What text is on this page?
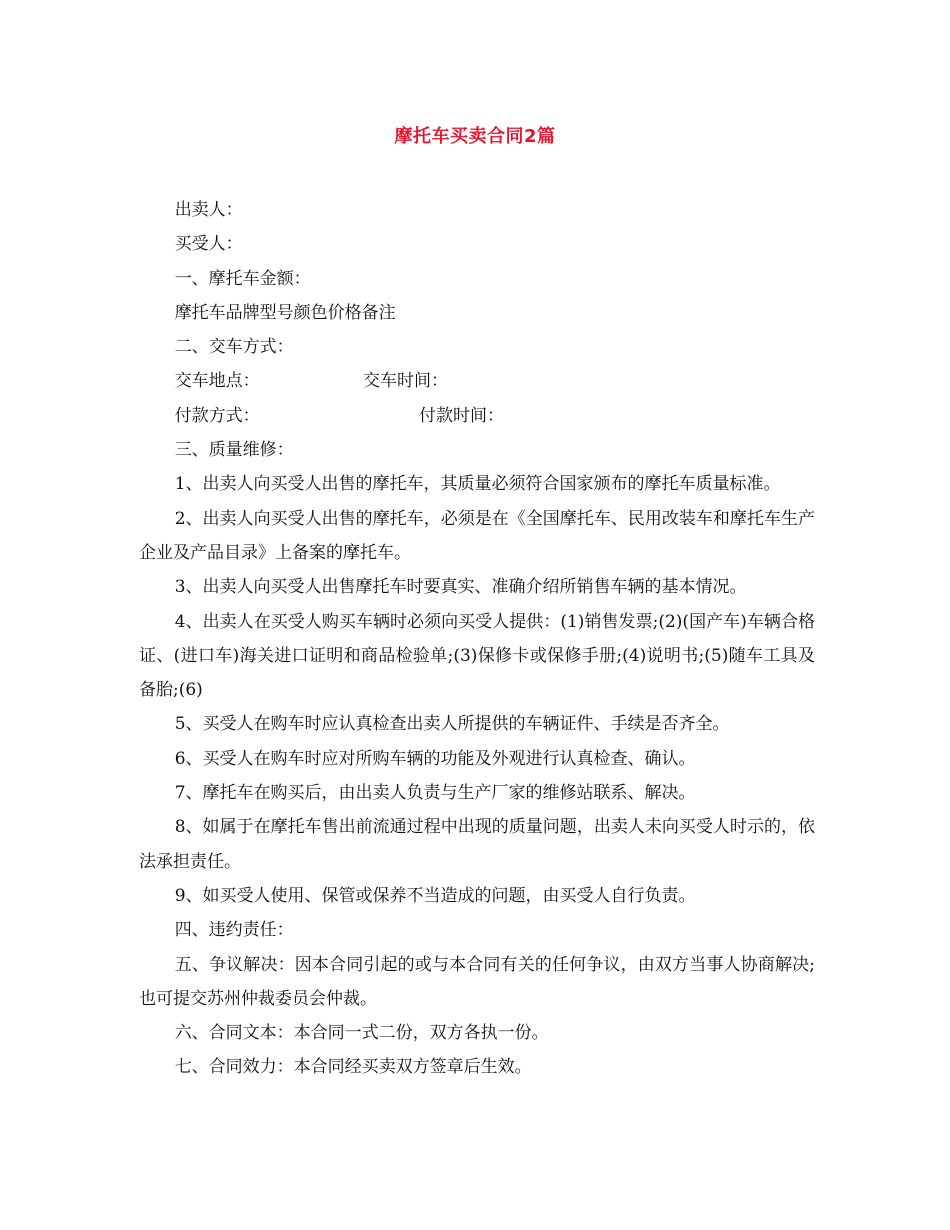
摩托车买卖合同2篇

出卖人：

买受人：

一、摩托车金额：

摩托车品牌型号颜色价格备注

二、交车方式：

交车地点：	交车时间：
付款方式：	付款时间：

三、质量维修：

1、出卖人向买受人出售的摩托车，其质量必须符合国家颁布的摩托车质量标准。

2、出卖人向买受人出售的摩托车，必须是在《全国摩托车、民用改装车和摩托车生产企业及产品目录》上备案的摩托车。

3、出卖人向买受人出售摩托车时要真实、准确介绍所销售车辆的基本情况。

4、出卖人在买受人购买车辆时必须向买受人提供：(1)销售发票;(2)(国产车)车辆合格证、(进口车)海关进口证明和商品检验单;(3)保修卡或保修手册;(4)说明书;(5)随车工具及备胎;(6)

5、买受人在购车时应认真检查出卖人所提供的车辆证件、手续是否齐全。

6、买受人在购车时应对所购车辆的功能及外观进行认真检查、确认。

7、摩托车在购买后，由出卖人负责与生产厂家的维修站联系、解决。

8、如属于在摩托车售出前流通过程中出现的质量问题，出卖人未向买受人时示的，依法承担责任。

9、如买受人使用、保管或保养不当造成的问题，由买受人自行负责。

四、违约责任：

五、争议解决：因本合同引起的或与本合同有关的任何争议，由双方当事人协商解决;也可提交苏州仲裁委员会仲裁。

六、合同文本：本合同一式二份，双方各执一份。

七、合同效力：本合同经买卖双方签章后生效。
